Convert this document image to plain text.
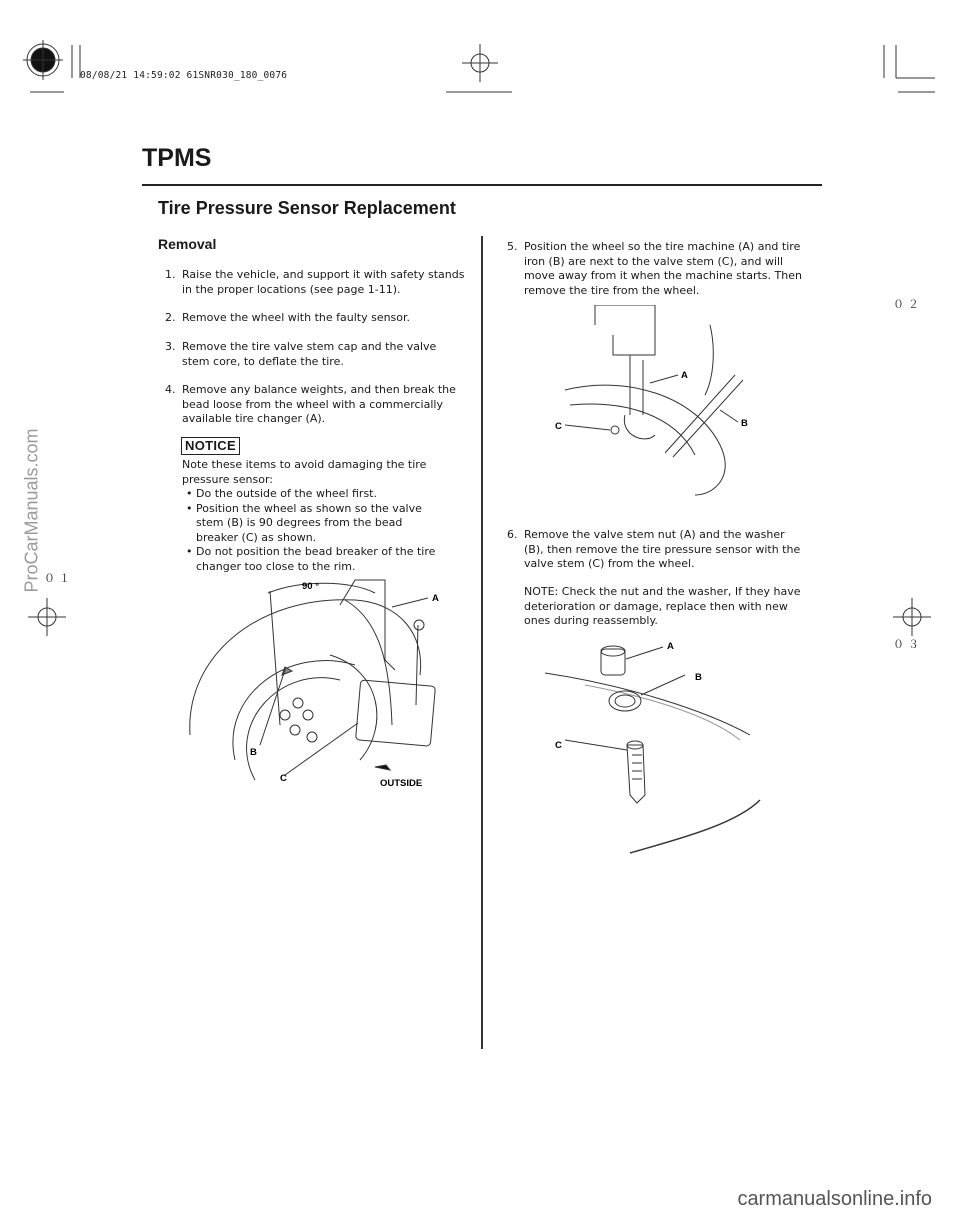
08/08/21 14:59:02 61SNR030_180_0076
TPMS
Tire Pressure Sensor Replacement
Removal
1. Raise the vehicle, and support it with safety stands in the proper locations (see page 1-11).
2. Remove the wheel with the faulty sensor.
3. Remove the tire valve stem cap and the valve stem core, to deflate the tire.
4. Remove any balance weights, and then break the bead loose from the wheel with a commercially available tire changer (A).
NOTICE
Note these items to avoid damaging the tire pressure sensor:
• Do the outside of the wheel first.
• Position the wheel as shown so the valve stem (B) is 90 degrees from the bead breaker (C) as shown.
• Do not position the bead breaker of the tire changer too close to the rim.
90 °
A
B
C	OUTSIDE
5. Position the wheel so the tire machine (A) and tire iron (B) are next to the valve stem (C), and will move away from it when the machine starts. Then remove the tire from the wheel.
A
B
C
6. Remove the valve stem nut (A) and the washer (B), then remove the tire pressure sensor with the valve stem (C) from the wheel.
NOTE: Check the nut and the washer, If they have deterioration or damage, replace then with new ones during reassembly.
A
B
C
０２
０１
０３
ProCarManuals.com
carmanualsonline.info
